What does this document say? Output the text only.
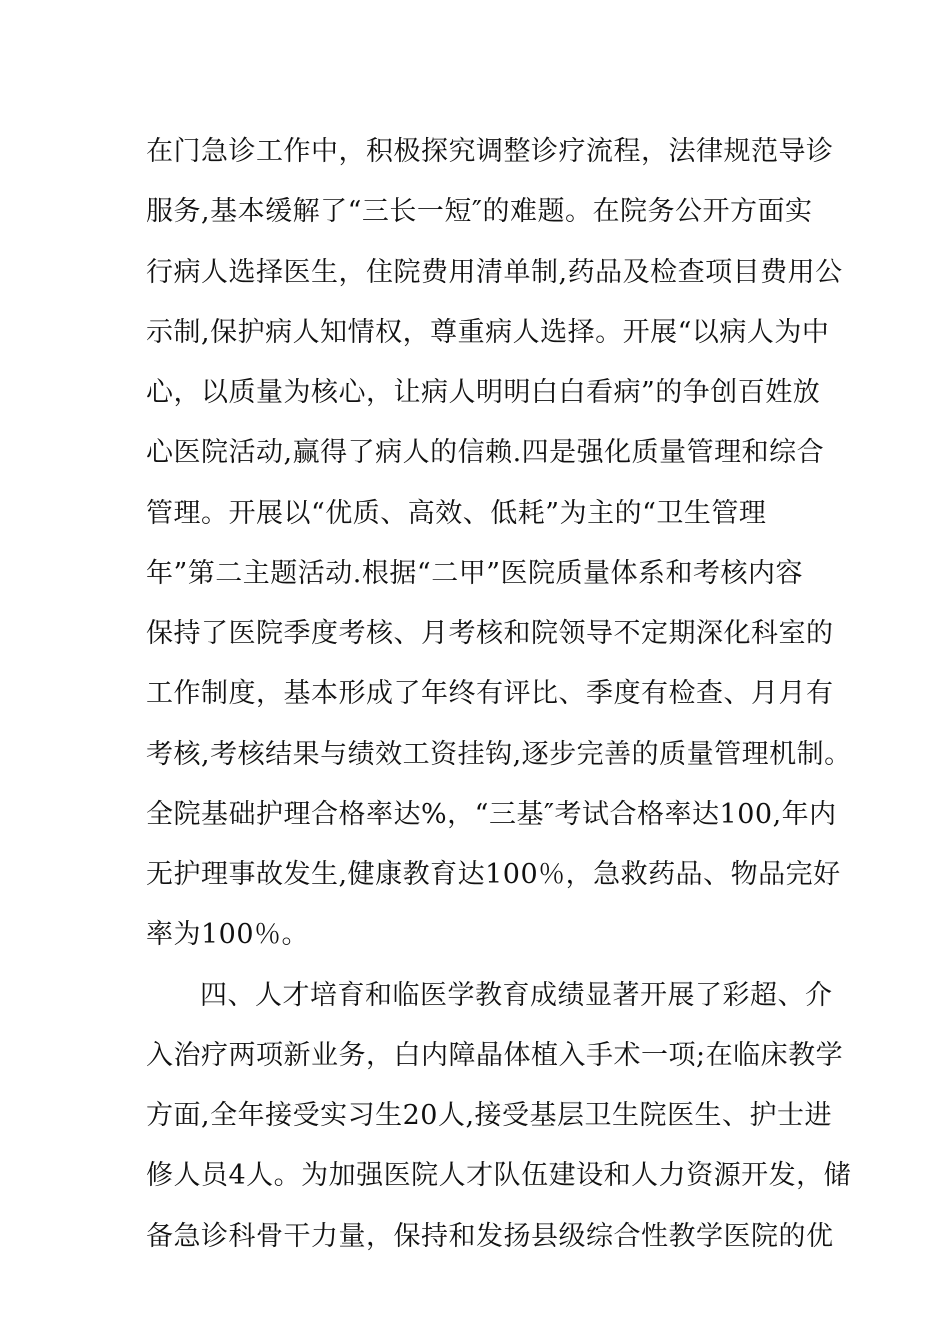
在门急诊工作中，积极探究调整诊疗流程，法律规范导诊
服务,基本缓解了“三长一短″的难题。在院务公开方面实
行病人选择医生，住院费用清单制,药品及检查项目费用公
示制,保护病人知情权，尊重病人选择。开展“以病人为中
心，以质量为核心，让病人明明白白看病”的争创百姓放
心医院活动,赢得了病人的信赖.四是强化质量管理和综合
管理。开展以“优质、高效、低耗”为主的“卫生管理
年”第二主题活动.根据“二甲”医院质量体系和考核内容
保持了医院季度考核、月考核和院领导不定期深化科室的
工作制度，基本形成了年终有评比、季度有检查、月月有
考核,考核结果与绩效工资挂钩,逐步完善的质量管理机制。
全院基础护理合格率达%，“三基″考试合格率达100,年内
无护理事故发生,健康教育达100％，急救药品、物品完好
率为100％。
四、人才培育和临医学教育成绩显著开展了彩超、介
入治疗两项新业务，白内障晶体植入手术一项;在临床教学
方面,全年接受实习生20人,接受基层卫生院医生、护士进
修人员4人。为加强医院人才队伍建设和人力资源开发，储
备急诊科骨干力量，保持和发扬县级综合性教学医院的优
